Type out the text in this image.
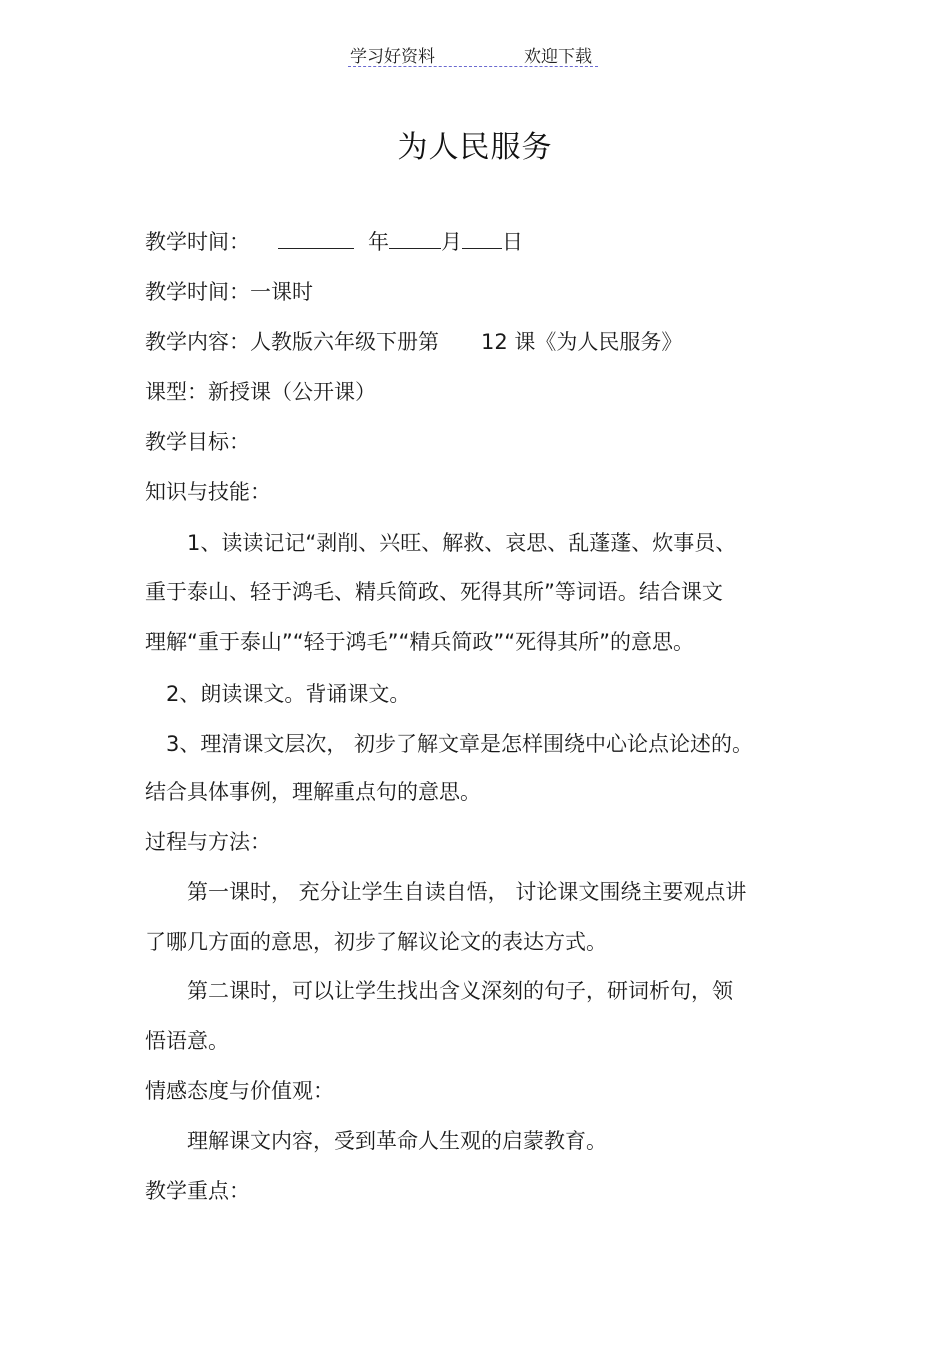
学习好资料	欢迎下载
为人民服务
教学时间：	年 月 日
教学时间：一课时
教学内容：人教版六年级下册第　　12 课《为人民服务》
课型：新授课（公开课）
教学目标：
知识与技能：
　　1、读读记记“剥削、兴旺、解救、哀思、乱蓬蓬、炊事员、
重于泰山、轻于鸿毛、精兵简政、死得其所”等词语。结合课文
理解“重于泰山”“轻于鸿毛”“精兵简政”“死得其所”的意思。
　2、朗读课文。背诵课文。
　3、理清课文层次， 初步了解文章是怎样围绕中心论点论述的。
结合具体事例，理解重点句的意思。
过程与方法：
　　第一课时， 充分让学生自读自悟， 讨论课文围绕主要观点讲
了哪几方面的意思，初步了解议论文的表达方式。
　　第二课时，可以让学生找出含义深刻的句子，研词析句，领
悟语意。
情感态度与价值观：
　　理解课文内容，受到革命人生观的启蒙教育。
教学重点：
